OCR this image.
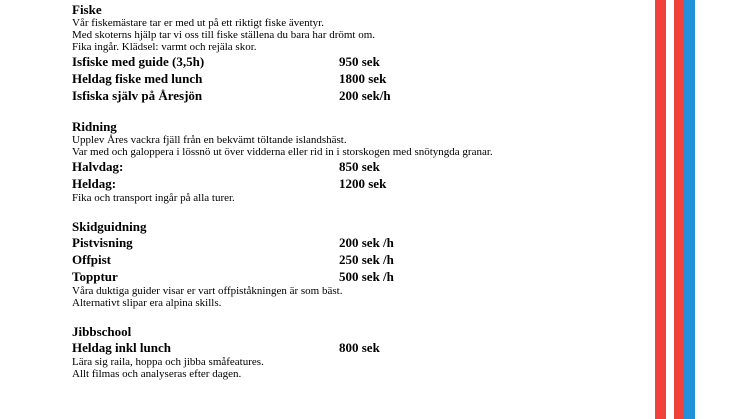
Fiske
Vår fiskemästare tar er med ut på ett riktigt fiske äventyr.
Med skoterns hjälp tar vi oss till fiske ställena du bara har drömt om.
Fika ingår. Klädsel: varmt och rejäla skor.
Isfiske med guide (3,5h)	950 sek
Heldag fiske med lunch	1800 sek
Isfiska själv på Åresjön	200 sek/h
Ridning
Upplev Åres vackra fjäll från en bekvämt töltande islandshäst.
Var med och galoppera i lössnö ut över vidderna eller rid in i storskogen med snötyngda granar.
Halvdag:	850 sek
Heldag:	1200 sek
Fika och transport ingår på alla turer.
Skidguidning
Pistvisning	200 sek /h
Offpist	250 sek /h
Topptur	500 sek /h
Våra duktiga guider visar er vart offpiståkningen är som bäst.
Alternativt slipar era alpina skills.
Jibbschool
Heldag inkl lunch	800 sek
Lära sig raila, hoppa och jibba småfeatures.
Allt filmas och analyseras efter dagen.
